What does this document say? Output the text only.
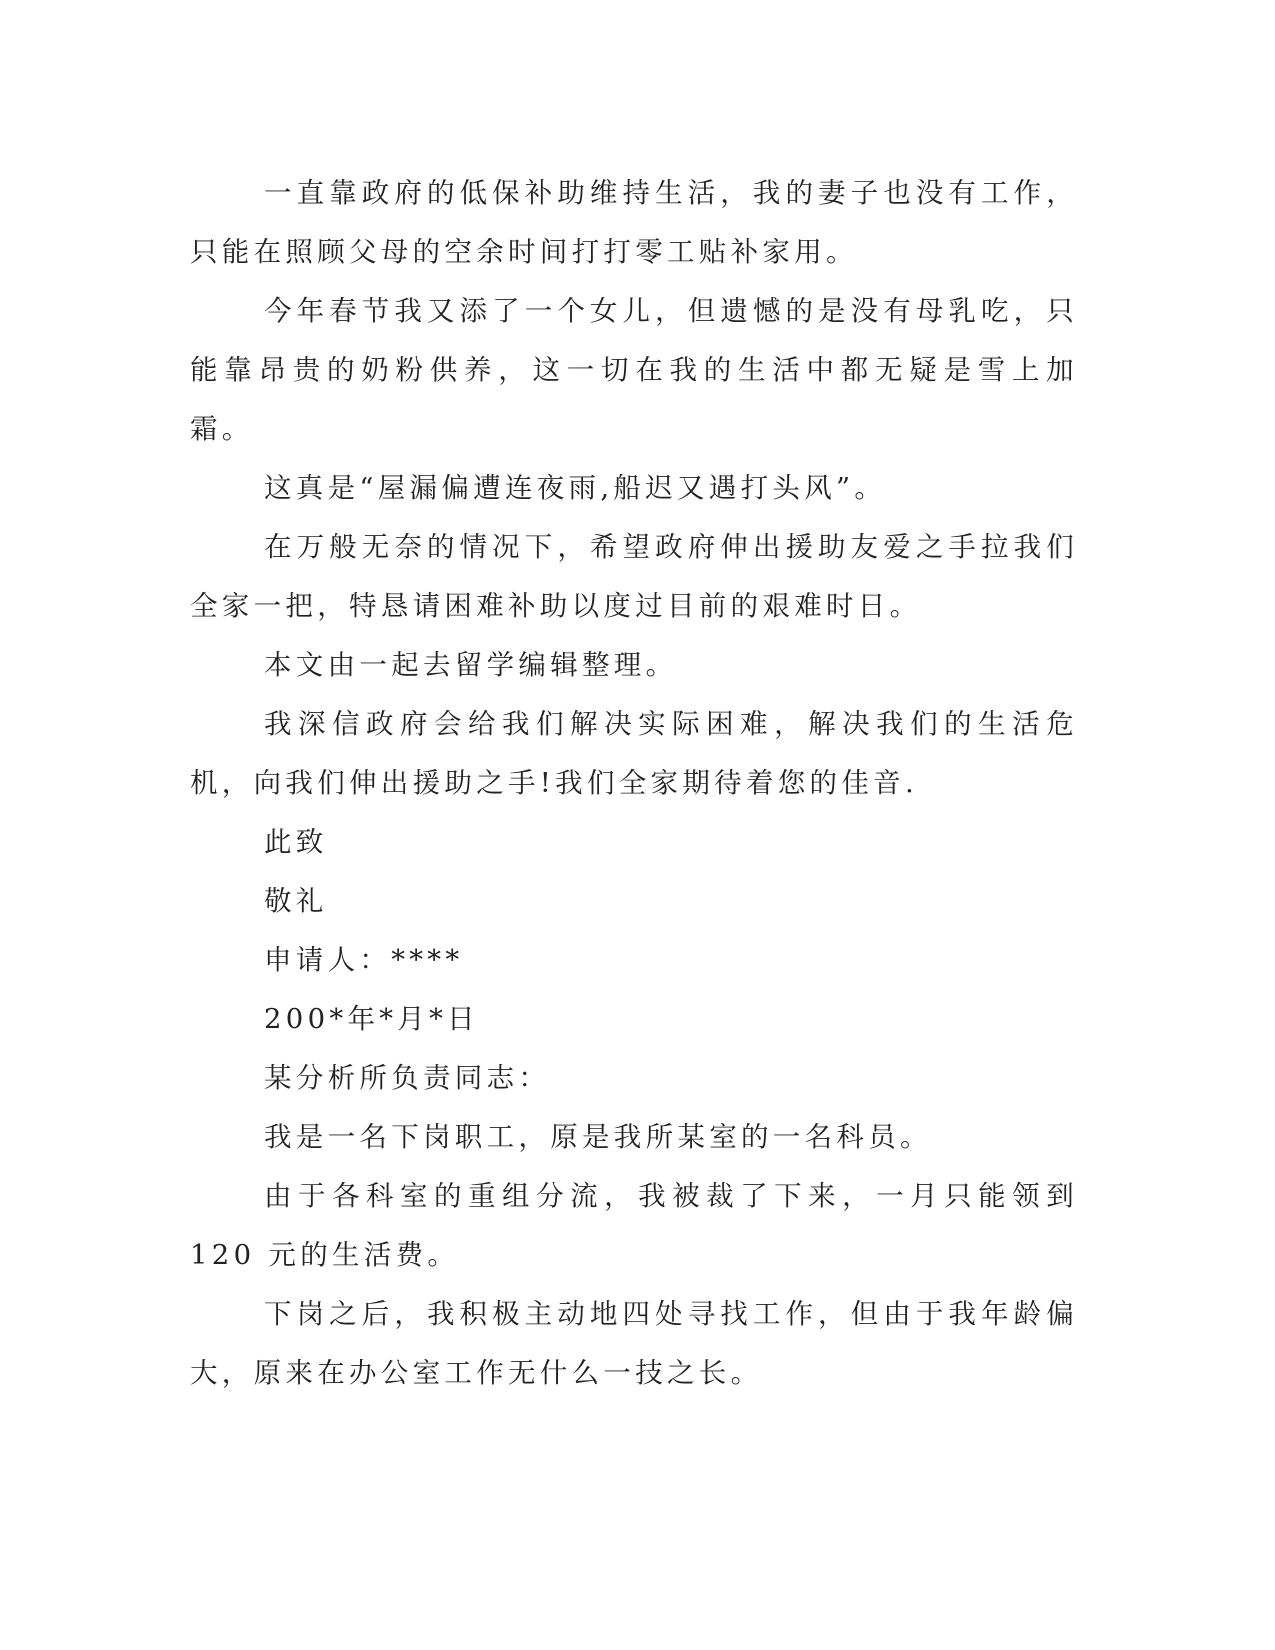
一直靠政府的低保补助维持生活，我的妻子也没有工作，只能在照顾父母的空余时间打打零工贴补家用。

今年春节我又添了一个女儿，但遗憾的是没有母乳吃，只能靠昂贵的奶粉供养，这一切在我的生活中都无疑是雪上加霜。

这真是“屋漏偏遭连夜雨,船迟又遇打头风”。

在万般无奈的情况下，希望政府伸出援助友爱之手拉我们全家一把，特恳请困难补助以度过目前的艰难时日。

本文由一起去留学编辑整理。

我深信政府会给我们解决实际困难，解决我们的生活危机，向我们伸出援助之手!我们全家期待着您的佳音.

此致

敬礼

申请人：****

200*年*月*日

某分析所负责同志：

我是一名下岗职工，原是我所某室的一名科员。

由于各科室的重组分流，我被裁了下来，一月只能领到 120 元的生活费。

下岗之后，我积极主动地四处寻找工作，但由于我年龄偏大，原来在办公室工作无什么一技之长。
